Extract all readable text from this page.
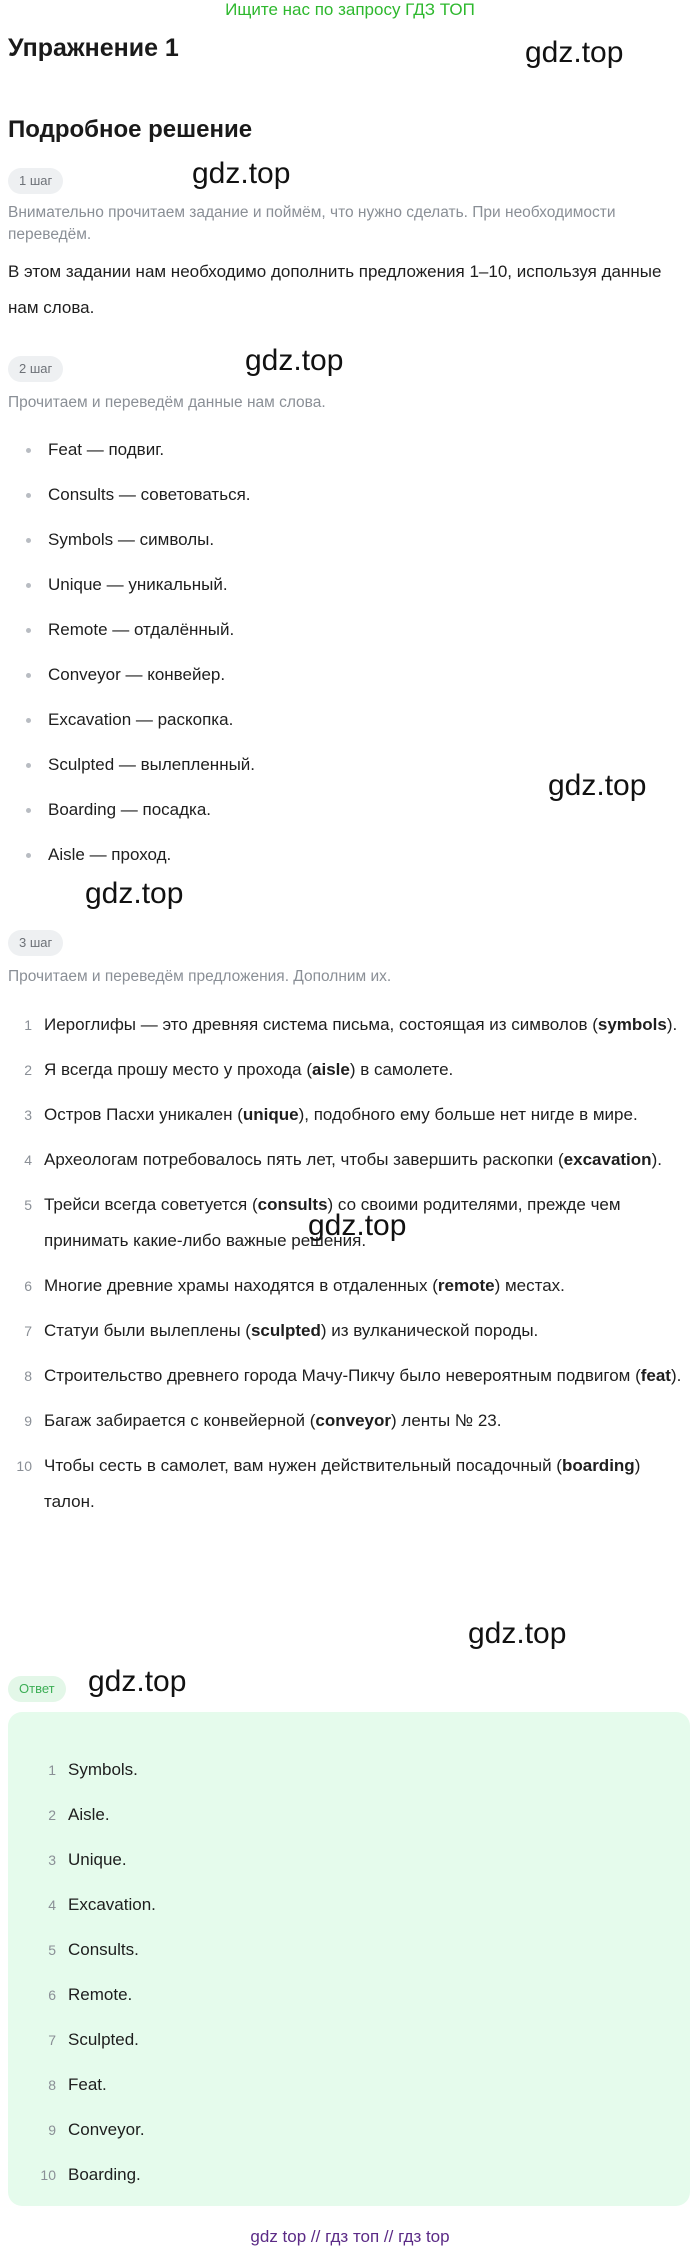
Ищите нас по запросу ГДЗ ТОП
Упражнение 1
Подробное решение
gdz.top
gdz.top
gdz.top
gdz.top
gdz.top
gdz.top
gdz.top
gdz.top
1 шаг
Внимательно прочитаем задание и поймём, что нужно сделать. При необходимости переведём.
В этом задании нам необходимо дополнить предложения 1–10, используя данные нам слова.
2 шаг
Прочитаем и переведём данные нам слова.
Feat — подвиг.
Consults — советоваться.
Symbols — символы.
Unique — уникальный.
Remote — отдалённый.
Conveyor — конвейер.
Excavation — раскопка.
Sculpted — вылепленный.
Boarding — посадка.
Aisle — проход.
3 шаг
Прочитаем и переведём предложения. Дополним их.
1 Иероглифы — это древняя система письма, состоящая из символов (symbols).
2 Я всегда прошу место у прохода (aisle) в самолете.
3 Остров Пасхи уникален (unique), подобного ему больше нет нигде в мире.
4 Археологам потребовалось пять лет, чтобы завершить раскопки (excavation).
5 Трейси всегда советуется (consults) со своими родителями, прежде чем принимать какие-либо важные решения.
6 Многие древние храмы находятся в отдаленных (remote) местах.
7 Статуи были вылеплены (sculpted) из вулканической породы.
8 Строительство древнего города Мачу-Пикчу было невероятным подвигом (feat).
9 Багаж забирается с конвейерной (conveyor) ленты № 23.
10 Чтобы сесть в самолет, вам нужен действительный посадочный (boarding) талон.
Ответ
1 Symbols.
2 Aisle.
3 Unique.
4 Excavation.
5 Consults.
6 Remote.
7 Sculpted.
8 Feat.
9 Conveyor.
10 Boarding.
gdz top // гдз топ // гдз top
